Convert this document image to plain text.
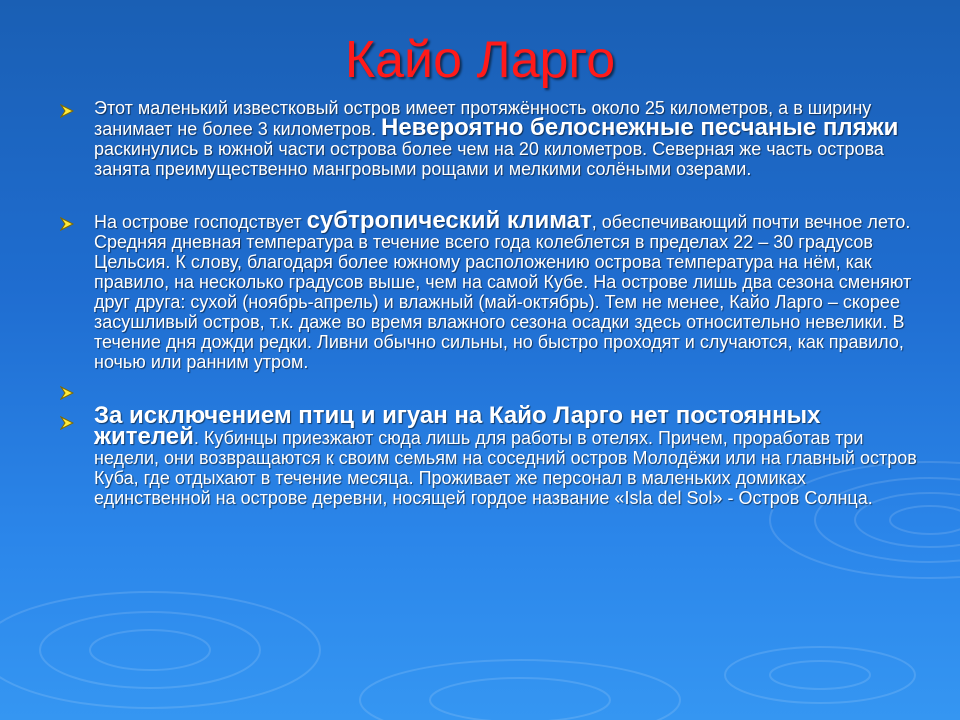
Кайо Ларго
Этот маленький известковый остров имеет протяжённость около 25 километров, а в ширину занимает не более 3 километров. Невероятно белоснежные песчаные пляжи раскинулись в южной части острова более чем на 20 километров. Северная же часть острова занята преимущественно мангровыми рощами и мелкими солёными озерами.
На острове господствует субтропический климат, обеспечивающий почти вечное лето. Средняя дневная температура в течение всего года колеблется в пределах 22 – 30 градусов Цельсия. К слову, благодаря более южному расположению острова температура на нём, как правило, на несколько градусов выше, чем на самой Кубе. На острове лишь два сезона сменяют друг друга: сухой (ноябрь-апрель) и влажный (май-октябрь). Тем не менее, Кайо Ларго – скорее засушливый остров, т.к. даже во время влажного сезона осадки здесь относительно невелики. В течение дня дожди редки. Ливни обычно сильны, но быстро проходят и случаются, как правило, ночью или ранним утром.
За исключением птиц и игуан на Кайо Ларго нет постоянных жителей. Кубинцы приезжают сюда лишь для работы в отелях. Причем, проработав три недели, они возвращаются к своим семьям на соседний остров Молодёжи или на главный остров Куба, где отдыхают в течение месяца. Проживает же персонал в маленьких домиках единственной на острове деревни, носящей гордое название «Isla del Sol» - Остров Солнца.
